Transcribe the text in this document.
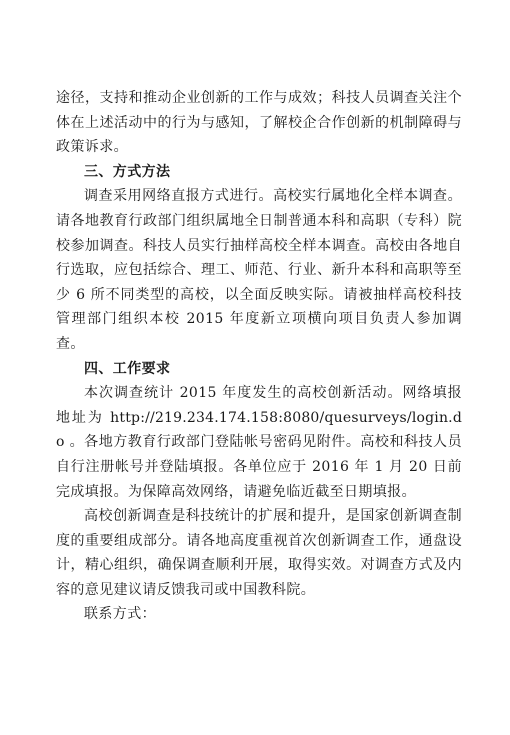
途径，支持和推动企业创新的工作与成效；科技人员调查关注个体在上述活动中的行为与感知，了解校企合作创新的机制障碍与政策诉求。

三、方式方法

调查采用网络直报方式进行。高校实行属地化全样本调查。请各地教育行政部门组织属地全日制普通本科和高职（专科）院校参加调查。科技人员实行抽样高校全样本调查。高校由各地自行选取，应包括综合、理工、师范、行业、新升本科和高职等至少 6 所不同类型的高校，以全面反映实际。请被抽样高校科技管理部门组织本校 2015 年度新立项横向项目负责人参加调查。

四、工作要求

本次调查统计 2015 年度发生的高校创新活动。网络填报地址为 http://219.234.174.158:8080/quesurveys/login.do 。各地方教育行政部门登陆帐号密码见附件。高校和科技人员自行注册帐号并登陆填报。各单位应于 2016 年 1 月 20 日前完成填报。为保障高效网络，请避免临近截至日期填报。

高校创新调查是科技统计的扩展和提升，是国家创新调查制度的重要组成部分。请各地高度重视首次创新调查工作，通盘设计，精心组织，确保调查顺利开展，取得实效。对调查方式及内容的意见建议请反馈我司或中国教科院。

联系方式：
